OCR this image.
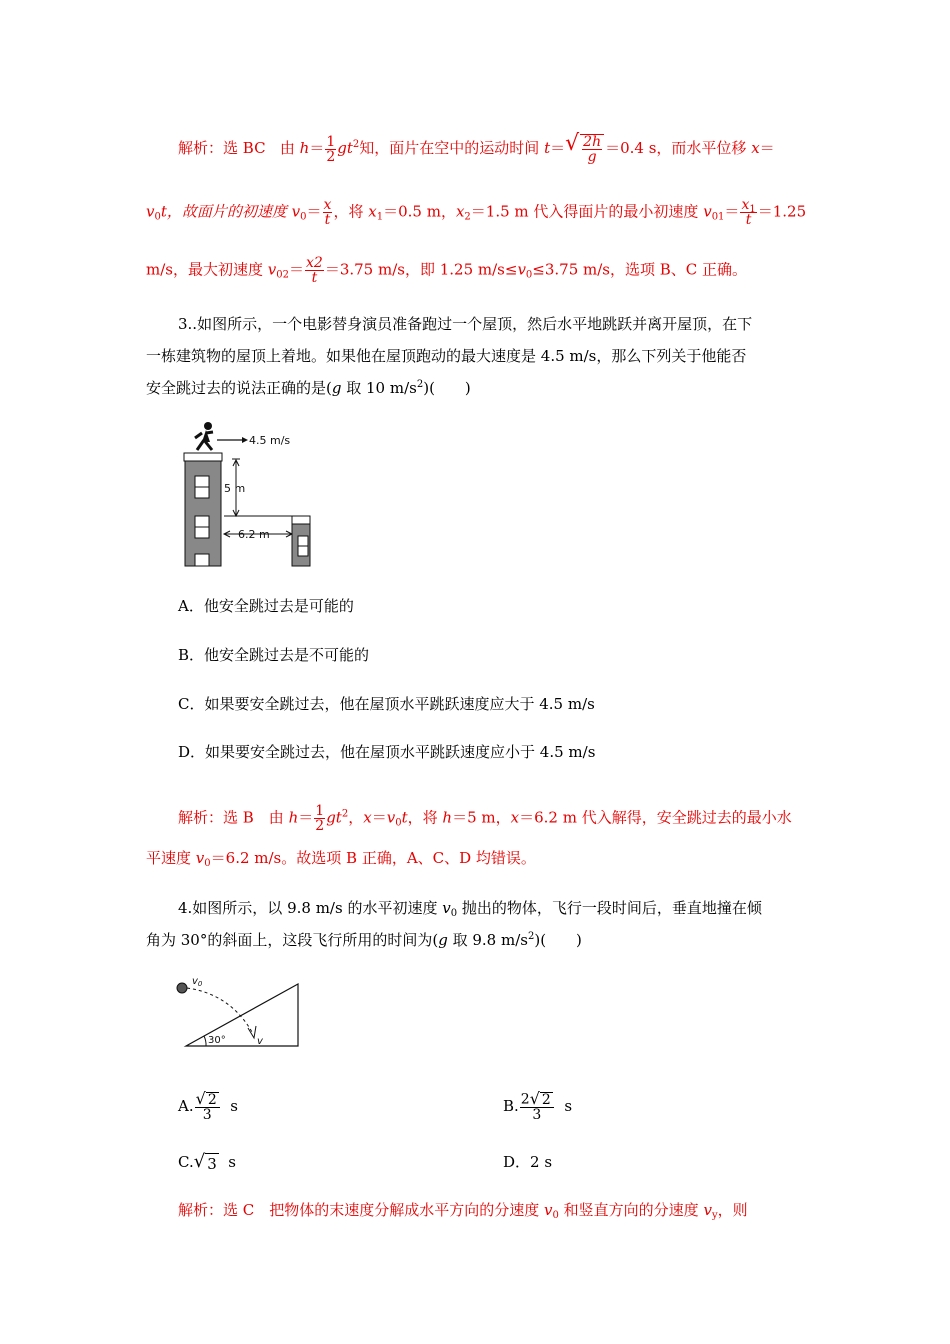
解析：选 BC 由 $h= \frac{1}{2} gt^2$知，面片在空中的运动时间 $t=√ \frac{2h}{g} =0.4$ s，而水平位移 x＝
$v_0t$，故面片的初速度 $v_0= \frac{x}{t}$ ，将 $x_1=0.5$ m，$x_2=1.5$ m 代入得面片的最小初速度 $v_{01}= \frac{x_1}{t} =1.25$
m/s，最大初速度 $v_{02}= \frac{x2}{t} =3.75$ m/s，即 1.25 $m/s\le v_0\le 3.75$ m/s，选项 B、C 正确。
3..如图所示，一个电影替身演员准备跑过一个屋顶，然后水平地跳跃并离开屋顶，在下
一栋建筑物的屋顶上着地。如果他在屋顶跑动的最大速度是 4.5 m/s，那么下列关于他能否
安全跳过去的说法正确的是(g 取 10 $m/s^2$)(　　)
4.5 m/s
5 m
6.2 m
A．他安全跳过去是可能的
B．他安全跳过去是不可能的
C．如果要安全跳过去，他在屋顶水平跳跃速度应大于 4.5 m/s
D．如果要安全跳过去，他在屋顶水平跳跃速度应小于 4.5 m/s
解析：选 B　由 $h= \frac{1}{2} gt^2$，$x=v_0t$，将 h＝5 m，x＝6.2 m 代入解得，安全跳过去的最小水
平速度 $v_0=6.2$ m/s。故选项 B 正确，A、C、D 均错误。
4.如图所示，以 9.8 m/s 的水平初速度 $v_0$ 抛出的物体，飞行一段时间后，垂直地撞在倾
角为 30°的斜面上，这段飞行所用的时间为(g 取 9.8 $m/s^2$)(　　)
$v_0$
v
30°
A. $\frac{√ 2}{3}$ s	B. $\frac{2√ 2}{3}$ s
C.√ 3 s	D．2 s
解析：选 C　把物体的末速度分解成水平方向的分速度 $v_0$ 和竖直方向的分速度 $v_y$，则
